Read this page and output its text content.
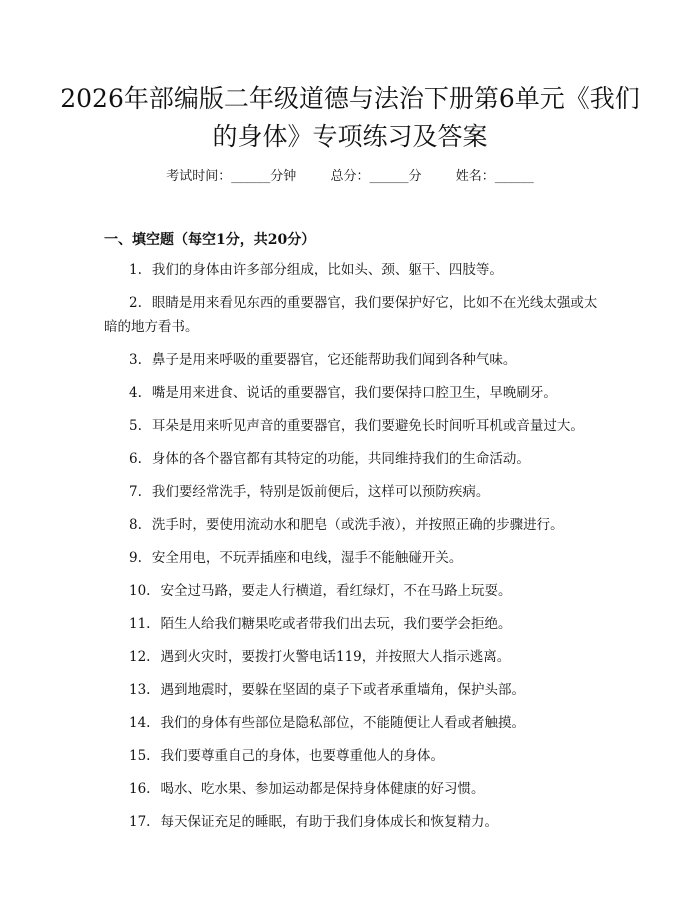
2026年部编版二年级道德与法治下册第6单元《我们的身体》专项练习及答案
考试时间：______分钟	总分：______分	姓名：______
一、填空题（每空1分，共20分）
1. 我们的身体由许多部分组成，比如头、颈、躯干、四肢等。
2. 眼睛是用来看见东西的重要器官，我们要保护好它，比如不在光线太强或太暗的地方看书。
3. 鼻子是用来呼吸的重要器官，它还能帮助我们闻到各种气味。
4. 嘴是用来进食、说话的重要器官，我们要保持口腔卫生，早晚刷牙。
5. 耳朵是用来听见声音的重要器官，我们要避免长时间听耳机或音量过大。
6. 身体的各个器官都有其特定的功能，共同维持我们的生命活动。
7. 我们要经常洗手，特别是饭前便后，这样可以预防疾病。
8. 洗手时，要使用流动水和肥皂（或洗手液），并按照正确的步骤进行。
9. 安全用电，不玩弄插座和电线，湿手不能触碰开关。
10. 安全过马路，要走人行横道，看红绿灯，不在马路上玩耍。
11. 陌生人给我们糖果吃或者带我们出去玩，我们要学会拒绝。
12. 遇到火灾时，要拨打火警电话119，并按照大人指示逃离。
13. 遇到地震时，要躲在坚固的桌子下或者承重墙角，保护头部。
14. 我们的身体有些部位是隐私部位，不能随便让人看或者触摸。
15. 我们要尊重自己的身体，也要尊重他人的身体。
16. 喝水、吃水果、参加运动都是保持身体健康的好习惯。
17. 每天保证充足的睡眠，有助于我们身体成长和恢复精力。
